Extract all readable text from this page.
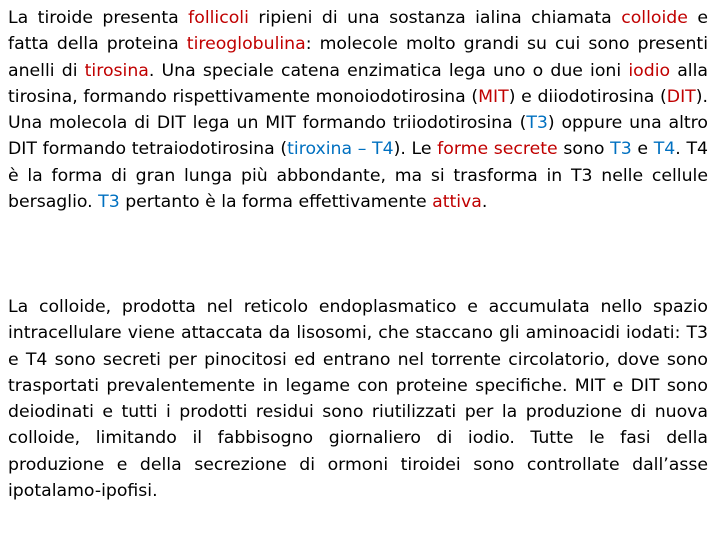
La tiroide presenta follicoli ripieni di una sostanza ialina chiamata colloide e fatta della proteina tireoglobulina: molecole molto grandi su cui sono presenti anelli di tirosina. Una speciale catena enzimatica lega uno o due ioni iodio alla tirosina, formando rispettivamente monoiodotirosina (MIT) e diiodotirosina (DIT). Una molecola di DIT lega un MIT formando triiodotirosina (T3) oppure una altro DIT formando tetraiodotirosina (tiroxina – T4). Le forme secrete sono T3 e T4. T4 è la forma di gran lunga più abbondante, ma si trasforma in T3 nelle cellule bersaglio. T3 pertanto è la forma effettivamente attiva.

La colloide, prodotta nel reticolo endoplasmatico e accumulata nello spazio intracellulare viene attaccata da lisosomi, che staccano gli aminoacidi iodati: T3 e T4 sono secreti per pinocitosi ed entrano nel torrente circolatorio, dove sono trasportati prevalentemente in legame con proteine specifiche. MIT e DIT sono deiodinati e tutti i prodotti residui sono riutilizzati per la produzione di nuova colloide, limitando il fabbisogno giornaliero di iodio. Tutte le fasi della produzione e della secrezione di ormoni tiroidei sono controllate dall’asse ipotalamo-ipofisi.
